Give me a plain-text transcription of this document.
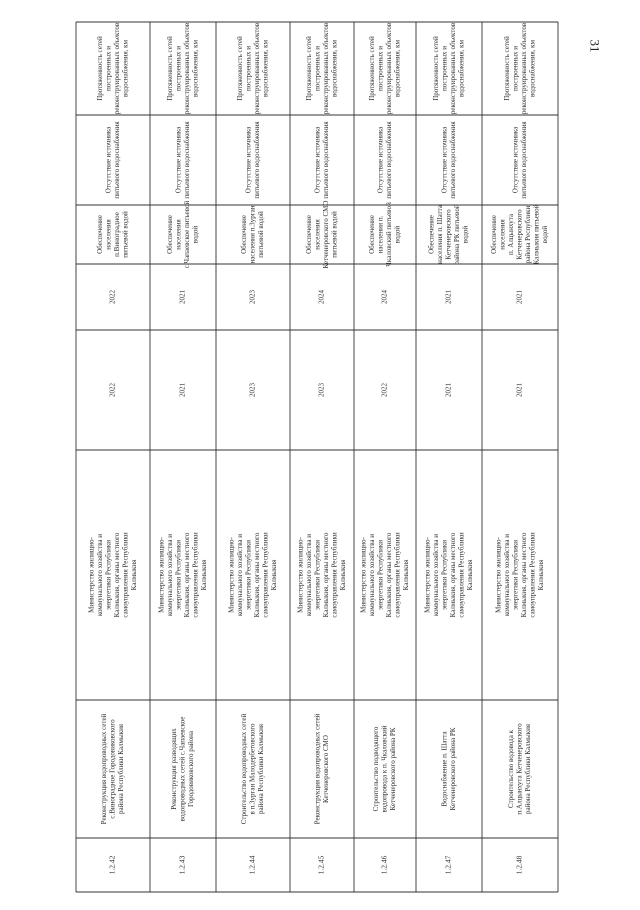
Протяженность сетей построенных и реконструированных объектов водоснабжения, км
Отсутствие источника питьевого водоснабжения
Обеспечение населения п.Виноградное питьевой водой
2022
2022
Министерство жилищно- коммунального хозяйства и энергетики Республики Калмыкия, органы местного самоуправления Республики Калмыкия
Реконструкция водопроводных сетей с.Виноградное Городовиковского района Республики Калмыкия
1.2.42
Протяженность сетей построенных и реконструированных объектов водоснабжения, км
Отсутствие источника питьевого водоснабжения
Обеспечение населения с.Чапаевское питьевой водой
2021
2021
Министерство жилищно- коммунального хозяйства и энергетики Республики Калмыкия, органы местного самоуправления Республики Калмыкия
Реконструкция разводящих водопроводных сетей с.Чапаевское Городовиковского района
1.2.43
Протяженность сетей построенных и реконструированных объектов водоснабжения, км
Отсутствие источника питьевого водоснабжения
Обеспечение населения п.Зурган питьевой водой
2023
2023
Министерство жилищно- коммунального хозяйства и энергетики Республики Калмыкия, органы местного самоуправления Республики Калмыкия
Строительство водопроводных сетей в п.Зурган Малодербетовского района Республики Калмыкия
1.2.44
Протяженность сетей построенных и реконструированных объектов водоснабжения, км
Отсутствие источника питьевого водоснабжения
Обеспечение населения Кетченеровского СМО питьевой водой
2024
2023
Министерство жилищно- коммунального хозяйства и энергетики Республики Калмыкия, органы местного самоуправления Республики Калмыкия
Реконструкция водопроводных сетей Кетченеровского СМО
1.2.45
Протяженность сетей построенных и реконструированных объектов водоснабжения, км
Отсутствие источника питьевого водоснабжения
Обеспечение населения п. Чкаловский питьевой водой
2024
2022
Министерство жилищно- коммунального хозяйства и энергетики Республики Калмыкия, органы местного самоуправления Республики Калмыкия
Строительство подводящего водопровода к п. Чкаловский Кетченеровского района РК
1.2.46
Протяженность сетей построенных и реконструированных объектов водоснабжения, км
Отсутствие источника питьевого водоснабжения
Обеспечение населения п. Шатта Кетченеровского района РК питьевой водой
2021
2021
Министерство жилищно- коммунального хозяйства и энергетики Республики Калмыкия, органы местного самоуправления Республики Калмыкия
Водоснабжение п. Шатта Кетченеровского района РК
1.2.47
Протяженность сетей построенных и реконструированных объектов водоснабжения, км
Отсутствие источника питьевого водоснабжения
Обеспечение населения п. Алцынхута Кетченеровского района Республики Калмыкия питьевой водой
2021
2021
Министерство жилищно- коммунального хозяйства и энергетики Республики Калмыкия, органы местного самоуправления Республики Калмыкия
Строительство водовода к п.Алцынхута Кетченеровского района Республики Калмыкия
1.2.48
31
